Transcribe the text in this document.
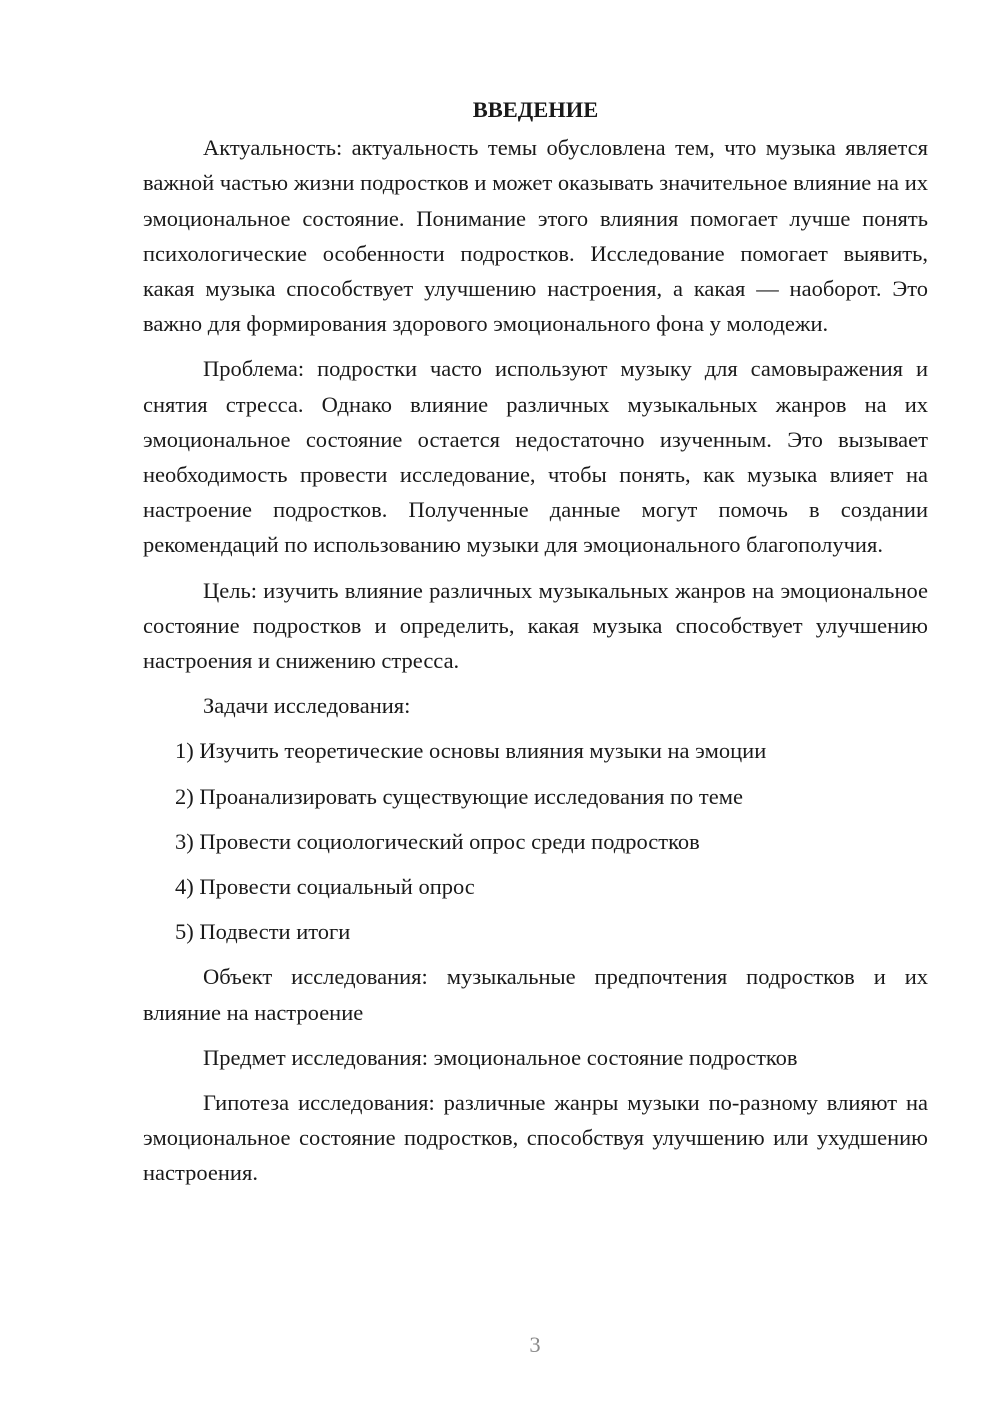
ВВЕДЕНИЕ

Актуальность: актуальность темы обусловлена тем, что музыка является важной частью жизни подростков и может оказывать значительное влияние на их эмоциональное состояние. Понимание этого влияния помогает лучше понять психологические особенности подростков. Исследование помогает выявить, какая музыка способствует улучшению настроения, а какая — наоборот. Это важно для формирования здорового эмоционального фона у молодежи.

Проблема: подростки часто используют музыку для самовыражения и снятия стресса. Однако влияние различных музыкальных жанров на их эмоциональное состояние остается недостаточно изученным. Это вызывает необходимость провести исследование, чтобы понять, как музыка влияет на настроение подростков. Полученные данные могут помочь в создании рекомендаций по использованию музыки для эмоционального благополучия.

Цель: изучить влияние различных музыкальных жанров на эмоциональное состояние подростков и определить, какая музыка способствует улучшению настроения и снижению стресса.

Задачи исследования:

1) Изучить теоретические основы влияния музыки на эмоции

2) Проанализировать существующие исследования по теме

3) Провести социологический опрос среди подростков

4) Провести социальный опрос

5) Подвести итоги

Объект исследования: музыкальные предпочтения подростков и их влияние на настроение

Предмет исследования: эмоциональное состояние подростков

Гипотеза исследования: различные жанры музыки по-разному влияют на эмоциональное состояние подростков, способствуя улучшению или ухудшению настроения.

3
